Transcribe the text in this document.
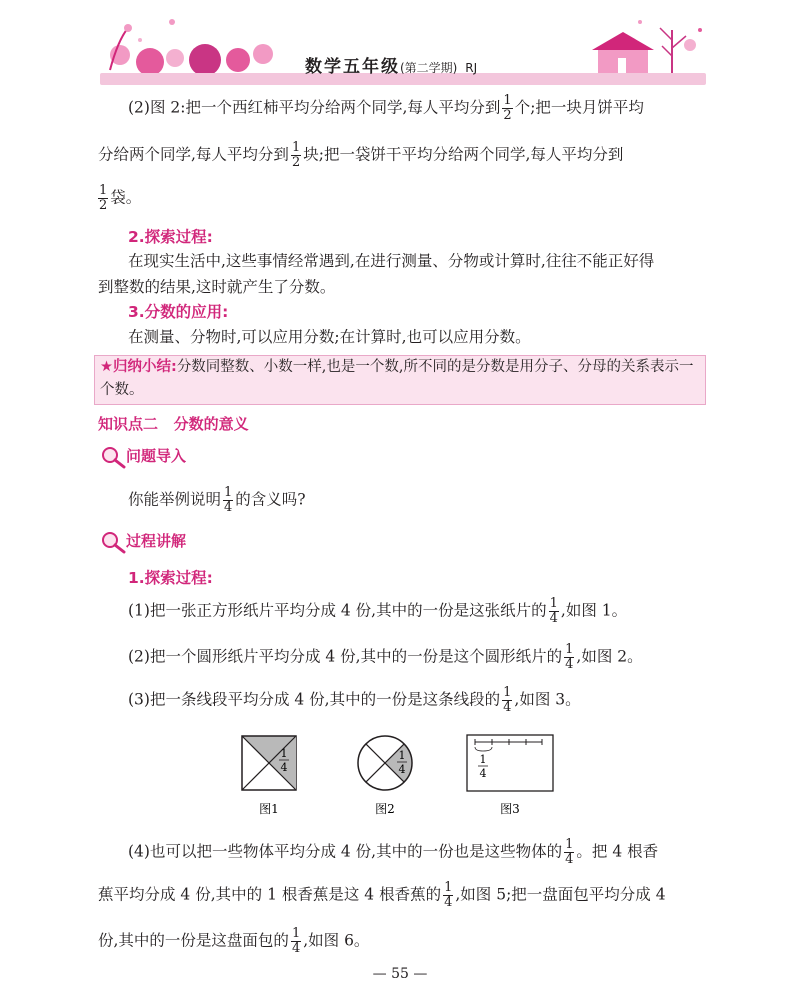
数学五年级(第二学期) RJ
(2)图 2:把一个西红柿平均分给两个同学,每人平均分到 $\frac{1}{2}$ 个;把一块月饼平均
分给两个同学,每人平均分到 $\frac{1}{2}$ 块;把一袋饼干平均分给两个同学,每人平均分到
$\frac{1}{2}$ 袋。
2.探索过程:
在现实生活中,这些事情经常遇到,在进行测量、分物或计算时,往往不能正好得
到整数的结果,这时就产生了分数。
3.分数的应用:
在测量、分物时,可以应用分数;在计算时,也可以应用分数。
★归纳小结:分数同整数、小数一样,也是一个数,所不同的是分数是用分子、分母的关系表示一个数。
知识点二   分数的意义
问题导入
你能举例说明 $\frac{1}{4}$ 的含义吗?
过程讲解
1.探索过程:
(1)把一张正方形纸片平均分成 4 份,其中的一份是这张纸片的 $\frac{1}{4}$ ,如图 1。
(2)把一个圆形纸片平均分成 4 份,其中的一份是这个圆形纸片的 $\frac{1}{4}$ ,如图 2。
(3)把一条线段平均分成 4 份,其中的一份是这条线段的 $\frac{1}{4}$ ,如图 3。
1
4
1
4
1
4
图1	图2	图3
(4)也可以把一些物体平均分成 4 份,其中的一份也是这些物体的 $\frac{1}{4}$ 。把 4 根香
蕉平均分成 4 份,其中的 1 根香蕉是这 4 根香蕉的 $\frac{1}{4}$ ,如图 5;把一盘面包平均分成 4
份,其中的一份是这盘面包的 $\frac{1}{4}$ ,如图 6。
— 55 —
